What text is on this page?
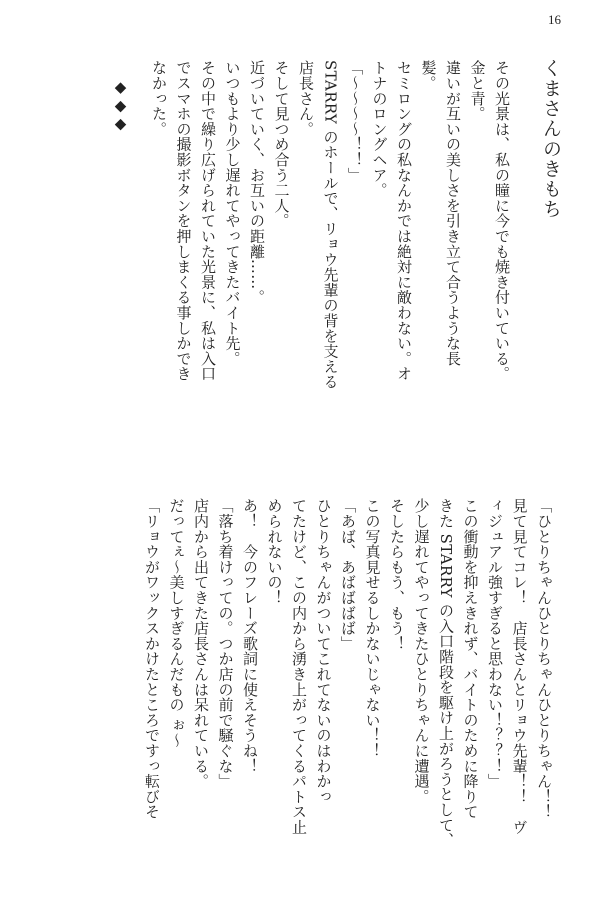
16
くまさんのきもち
その光景は、私の瞳に今でも焼き付いている。
金と青。
違いが互いの美しさを引き立て合うような長
髪。
セミロングの私なんかでは絶対に敵わない。オ
トナのロングヘア。
「～～～～！！」
STARRY のホールで、リョウ先輩の背を支える
店長さん。
そして見つめ合う二人。
近づいていく、お互いの距離……。
いつもより少し遅れてやってきたバイト先。
その中で繰り広げられていた光景に、私は入口
でスマホの撮影ボタンを押しまくる事しかでき
なかった。
◆◆◆
「ひとりちゃんひとりちゃんひとりちゃん！！
見て見てコレ！　店長さんとリョウ先輩！！　ヴ
ィジュアル強すぎると思わない！？？！」
この衝動を抑えきれず、バイトのために降りて
きた STARRY の入口階段を駆け上がろうとして、
少し遅れてやってきたひとりちゃんに遭遇。
そしたらもう、もう！
この写真見せるしかないじゃない！！
「あば、あばばばば」
ひとりちゃんがついてこれてないのはわかっ
てたけど、この内から湧き上がってくるパトス止
められないの！
あ！　今のフレーズ歌詞に使えそうね！
「落ち着けっての。つか店の前で騒ぐな」
店内から出てきた店長さんは呆れている。
だってぇ～美しすぎるんだもの ぉ～
「リョウがワックスかけたところですっ転びそ
